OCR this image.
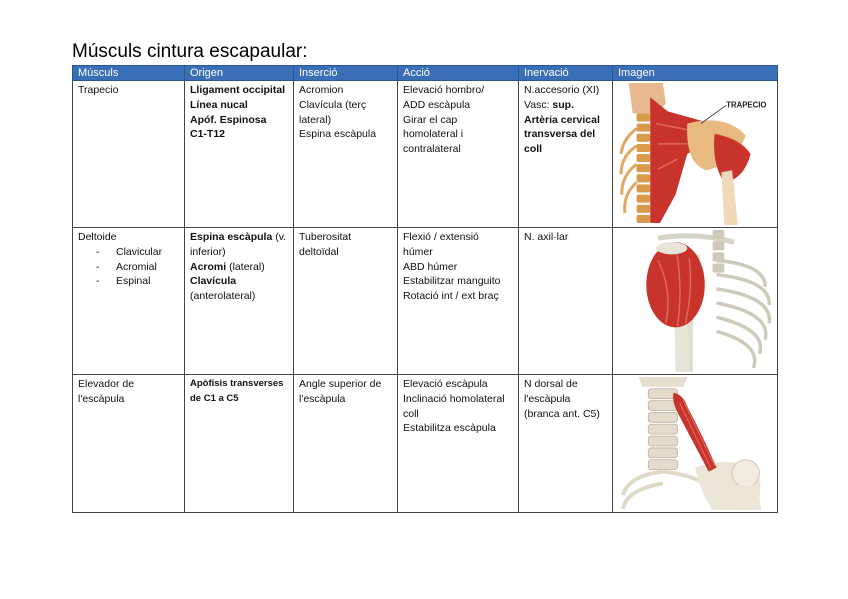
Músculs cintura escapaular:
Músculs	Origen	Inserció	Acció	Inervació	Imagen

Trapecio	Lligament occipital
Línea nucal
Apóf. Espinosa
C1-T12	Acromion
Clavícula (terç
lateral)
Espina escàpula	Elevació hombro/
ADD escàpula
Girar el cap
homolateral i
contralateral	N.accesorio (XI)
Vasc: sup.
Artèria cervical
transversa del
coll	TRAPECIO

Deltoide
- Clavicular
- Acromial
- Espinal	Espina escàpula (v.
inferior)
Acromi (lateral)
Clavícula
(anterolateral)	Tuberositat
deltoïdal	Flexió / extensió
húmer
ABD húmer
Estabilitzar manguito
Rotació int / ext braç	N. axil·lar

Elevador de
l'escàpula	Apòfisis transverses
de C1 a C5	Angle superior de
l'escàpula	Elevació escàpula
Inclinació homolateral
coll
Estabilitza escàpula	N dorsal de
l'escàpula
(branca ant. C5)
